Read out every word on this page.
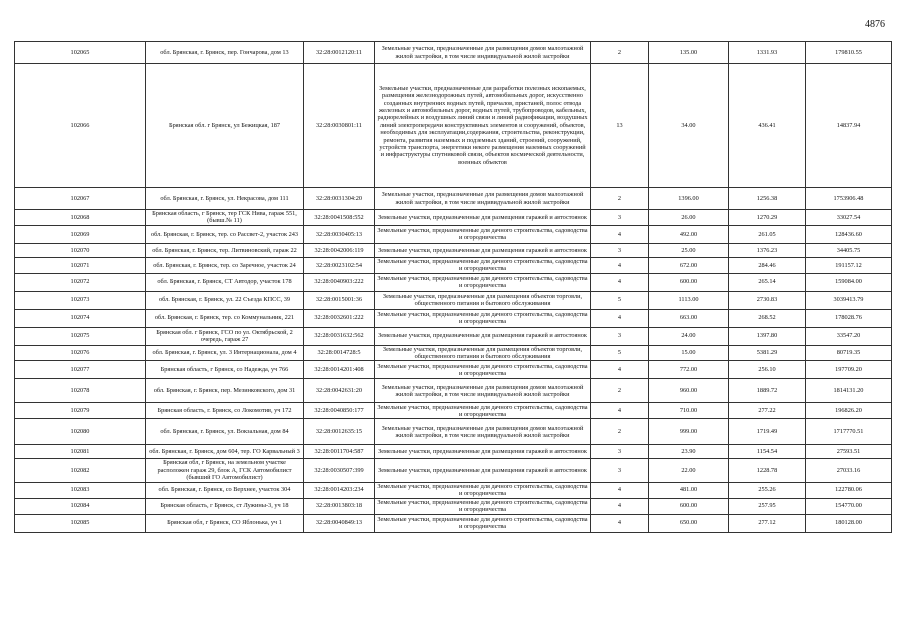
4876
102065	обл. Брянская, г. Брянск, пер. Гончарова, дом 13	32:28:0012120:11	Земельные участки, предназначенные для размещения домов малоэтажной жилой застройки, в том числе индивидуальной жилой застройки	2	135.00	1331.93	179810.55
102066	Брянская обл. г Брянск, ул Бежицкая, 187	32:28:0030801:11	Земельные участки, предназначенные для разработки полезных ископаемых, размещения железнодорожных путей, автомобильных дорог, искусственно созданных внутренних водных путей, причалов, пристаней, полос отвода железных и автомобильных дорог, водных путей, трубопроводов, кабельных, радиорелейных и воздушных линий связи и линий радиофикации, воздушных линий электропередачи конструктивных элементов и сооружений, объектов, необходимых для эксплуатации,содержания, строительства, реконструкции, ремонта, развития наземных и подземных зданий, строений, сооружений, устройств транспорта, энергетики некоге размещения наземных сооружений и инфраструктуры спутниковой связи, объектов космической деятельности, военных объектов	13	34.00	436.41	14837.94
102067	обл. Брянская, г. Брянск, ул. Некрасова, дом 111	32:28:0031304:20	Земельные участки, предназначенные для размещения домов малоэтажной жилой застройки, в том числе индивидуальной жилой застройки	2	1396.00	1256.38	1753906.48
102068	Брянская область, г Брянск, тер ГСК Нива, гараж 551, (бывш.№ 11)	32:28:0041508:552	Земельные участки, предназначенные для размещения гаражей и автостоянок	3	26.00	1270.29	33027.54
102069	обл. Брянская, г. Брянск, тер. со Рассвет-2, участок 243	32:28:0030405:13	Земельные участки, предназначенные для дачного строительства, садоводства и огородничества	4	492.00	261.05	128436.60
102070	обл. Брянская, г. Брянск, тер. Литвиновский, гараж 22	32:28:0042006:119	Земельные участки, предназначенные для размещения гаражей и автостоянок	3	25.00	1376.23	34405.75
102071	обл. Брянская, г. Брянск, тер. со Заречное, участок 24	32:28:0023102:54	Земельные участки, предназначенные для дачного строительства, садоводства и огородничества	4	672.00	284.46	191157.12
102072	обл. Брянская, г. Брянск, СТ Автодор, участок 178	32:28:0040903:222	Земельные участки, предназначенные для дачного строительства, садоводства и огородничества	4	600.00	265.14	159084.00
102073	обл. Брянская, г. Брянск, ул. 22 Съезда КПСС, 39	32:28:0015001:36	Земельные участки, предназначенные для размещения объектов торговли, общественного питания и бытового обслуживания	5	1113.00	2730.83	3039413.79
102074	обл. Брянская, г. Брянск, тер. со Коммунальник, 221	32:28:0032601:222	Земельные участки, предназначенные для дачного строительства, садоводства и огородничества	4	663.00	268.52	178028.76
102075	Брянская обл. г Брянск, ГСО по ул. Октябрьской, 2 очередь, гараж 27	32:28:0031632:562	Земельные участки, предназначенные для размещения гаражей и автостоянок	3	24.00	1397.80	33547.20
102076	обл. Брянская, г. Брянск, ул. 3 Интернационала, дом 4	32:28:0014728:5	Земельные участки, предназначенные для размещения объектов торговли, общественного питания и бытового обслуживания	5	15.00	5381.29	80719.35
102077	Брянская область, г Брянск, со Надежда, уч 766	32:28:0014201:408	Земельные участки, предназначенные для дачного строительства, садоводства и огородничества	4	772.00	256.10	197709.20
102078	обл. Брянская, г. Брянск, пер. Мезинковского, дом 31	32:28:0042631:20	Земельные участки, предназначенные для размещения домов малоэтажной жилой застройки, в том числе индивидуальной жилой застройки	2	960.00	1889.72	1814131.20
102079	Брянская область, г. Брянск, со Локомотив, уч 172	32:28:0040850:177	Земельные участки, предназначенные для дачного строительства, садоводства и огородничества	4	710.00	277.22	196826.20
102080	обл. Брянская, г. Брянск, ул. Вокзальная, дом 84	32:28:0012635:15	Земельные участки, предназначенные для размещения домов малоэтажной жилой застройки, в том числе индивидуальной жилой застройки	2	999.00	1719.49	1717770.51
102081	обл. Брянская, г. Брянск, дом 604, тер. ГО Карвальный 3	32:28:0011704:587	Земельные участки, предназначенные для размещения гаражей и автостоянок	3	23.90	1154.54	27593.51
102082	Брянская обл, г Брянск, на земельном участке расположен гараж 29, блок А, ГСК Автомобилист (бывший ГО Автомобилист)	32:28:0030507:399	Земельные участки, предназначенные для размещения гаражей и автостоянок	3	22.00	1228.78	27033.16
102083	обл. Брянская, г. Брянск, со Верхнее, участок 304	32:28:0014203:234	Земельные участки, предназначенные для дачного строительства, садоводства и огородничества	4	481.00	255.26	122780.06
102084	Брянская область, г Брянск, ст Лужины-3, уч 18	32:28:0013803:18	Земельные участки, предназначенные для дачного строительства, садоводства и огородничества	4	600.00	257.95	154770.00
102085	Брянская обл, г Брянск, СО Яблонька, уч 1	32:28:0040849:13	Земельные участки, предназначенные для дачного строительства, садоводства и огородничества	4	650.00	277.12	180128.00
